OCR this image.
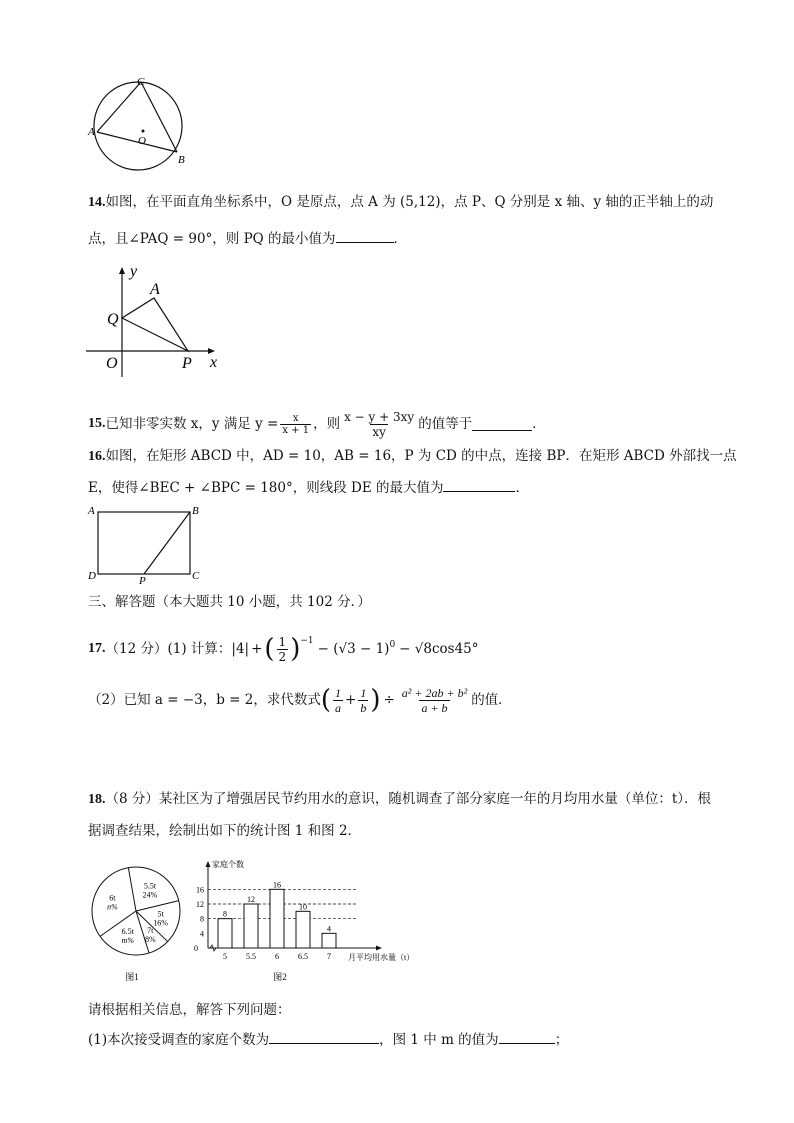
A
B
C
O
14.如图，在平面直角坐标系中，O 是原点，点 A 为 (5,12)，点 P、Q 分别是 x 轴、y 轴的正半轴上的动
点，且∠PAQ = 90°，则 PQ 的最小值为	．
y
x
A
Q
O	P
15. 已知非零实数 x，y 满足 $y = \frac{x}{x + 1}$ ，则 $\frac{x - y + 3xy}{xy}$ 的值等于	．
16.如图，在矩形 ABCD 中，AD = 10，AB = 16，P 为 CD 的中点，连接 BP．在矩形 ABCD 外部找一点
E，使得∠BEC + ∠BPC = 180°，则线段 DE 的最大值为	．
A	B
C
D	P
三、解答题（本大题共 10 小题，共 102 分．）
17. （12 分）(1) 计算： |4| + ( $\frac{1}{2} )^{-1} - (√3 - 1)^0 - √8\cos 45^\circ$
（2）已知 a = −3，b = 2，求代数式 ( $\frac{1}{a} + \frac{1}{b}$ ) ÷ $\frac{\text{a² + 2ab + b²}}{a + b}$ 的值．
18.（8 分）某社区为了增强居民节约用水的意识，随机调查了部分家庭一年的月均用水量（单位：t）．根
据调查结果，绘制出如下的统计图 1 和图 2．
5.5t
24%
5t
16%
7t
8%
6.5t
m%
6t
n%
图1
家庭个数
4
8
12
16
0
8
5
12
5.5
16
6
10
6.5
4
7 月平均用水量（t）
图2
请根据相关信息，解答下列问题：
(1)本次接受调查的家庭个数为	，图 1 中 m 的值为	；
